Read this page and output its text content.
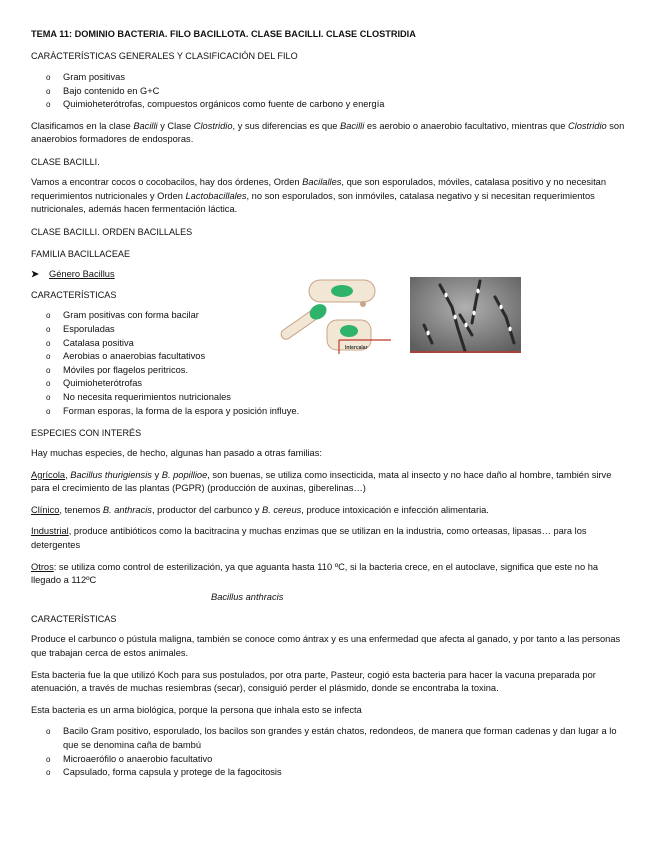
TEMA 11: DOMINIO BACTERIA. FILO BACILLOTA. CLASE BACILLI. CLASE CLOSTRIDIA

CARÁCTERÍSTICAS GENERALES Y CLASIFICACIÓN DEL FILO

o Gram positivas
o Bajo contenido en G+C
o Quimioheterótrofas, compuestos orgánicos como fuente de carbono y energía

Clasificamos en la clase Bacilli y Clase Clostridio, y sus diferencias es que Bacilli es aerobio o anaerobio facultativo, mientras que Clostridio son anaerobios formadores de endosporas.

CLASE BACILLI.

Vamos a encontrar cocos o cocobacilos, hay dos órdenes, Orden Bacilalles, que son esporulados, móviles, catalasa positivo y no necesitan requerimientos nutricionales y Orden Lactobacillales, no son esporulados, son inmóviles, catalasa negativo y si necesitan requerimientos nutricionales, además hacen fermentación láctica.

CLASE BACILLI. ORDEN BACILLALES

FAMILIA BACILLACEAE

➤ Género Bacillus

CARACTERÍSTICAS

o Gram positivas con forma bacilar
o Esporuladas
o Catalasa positiva
o Aerobias o anaerobias facultativos
o Móviles por flagelos peritricos.
o Quimioheterótrofas
o No necesita requerimientos nutricionales
o Forman esporas, la forma de la espora y posición influye.

ESPECIES CON INTERÉS

Hay muchas especies, de hecho, algunas han pasado a otras familias:

Agrícola, Bacillus thurigiensis y B. popillioe, son buenas, se utiliza como insecticida, mata al insecto y no hace daño al hombre, también sirve para el crecimiento de las plantas (PGPR) (producción de auxinas, giberelinas…)

Clínico, tenemos B. anthracis, productor del carbunco y B. cereus, produce intoxicación e infección alimentaria.

Industrial, produce antibióticos como la bacitracina y muchas enzimas que se utilizan en la industria, como orteasas, lipasas… para los detergentes

Otros: se utiliza como control de esterilización, ya que aguanta hasta 110 ºC, si la bacteria crece, en el autoclave, significa que este no ha llegado a 112ºC

Bacillus anthracis

CARACTERÍSTICAS

Produce el carbunco o pústula maligna, también se conoce como ántrax y es una enfermedad que afecta al ganado, y por tanto a las personas que trabajan cerca de estos animales.

Esta bacteria fue la que utilizó Koch para sus postulados, por otra parte, Pasteur, cogió esta bacteria para hacer la vacuna preparada por atenuación, a través de muchas resiembras (secar), consiguió perder el plásmido, donde se encontraba la toxina.

Esta bacteria es un arma biológica, porque la persona que inhala esto se infecta

o Bacilo Gram positivo, esporulado, los bacilos son grandes y están chatos, redondeos, de manera que forman cadenas y dan lugar a lo que se denomina caña de bambú
o Microaerófilo o anaerobio facultativo
o Capsulado, forma capsula y protege de la fagocitosis
Intercalar
